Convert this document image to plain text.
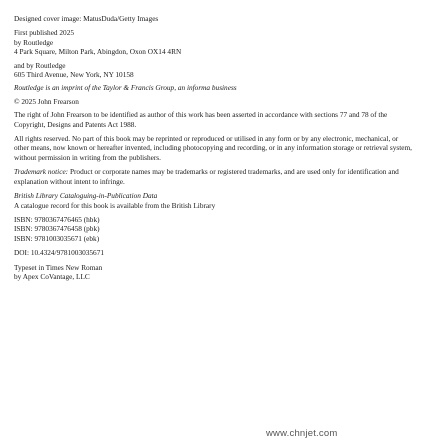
Designed cover image: MatusDuda/Getty Images
First published 2025
by Routledge
4 Park Square, Milton Park, Abingdon, Oxon OX14 4RN
and by Routledge
605 Third Avenue, New York, NY 10158
Routledge is an imprint of the Taylor & Francis Group, an informa business
© 2025 John Frearson
The right of John Frearson to be identified as author of this work has been asserted in accordance with sections 77 and 78 of the Copyright, Designs and Patents Act 1988.
All rights reserved. No part of this book may be reprinted or reproduced or utilised in any form or by any electronic, mechanical, or other means, now known or hereafter invented, including photocopying and recording, or in any information storage or retrieval system, without permission in writing from the publishers.
Trademark notice: Product or corporate names may be trademarks or registered trademarks, and are used only for identification and explanation without intent to infringe.
British Library Cataloguing-in-Publication Data
A catalogue record for this book is available from the British Library
ISBN: 9780367476465 (hbk)
ISBN: 9780367476458 (pbk)
ISBN: 9781003035671 (ebk)
DOI: 10.4324/9781003035671
Typeset in Times New Roman
by Apex CoVantage, LLC
www.chnjet.com
